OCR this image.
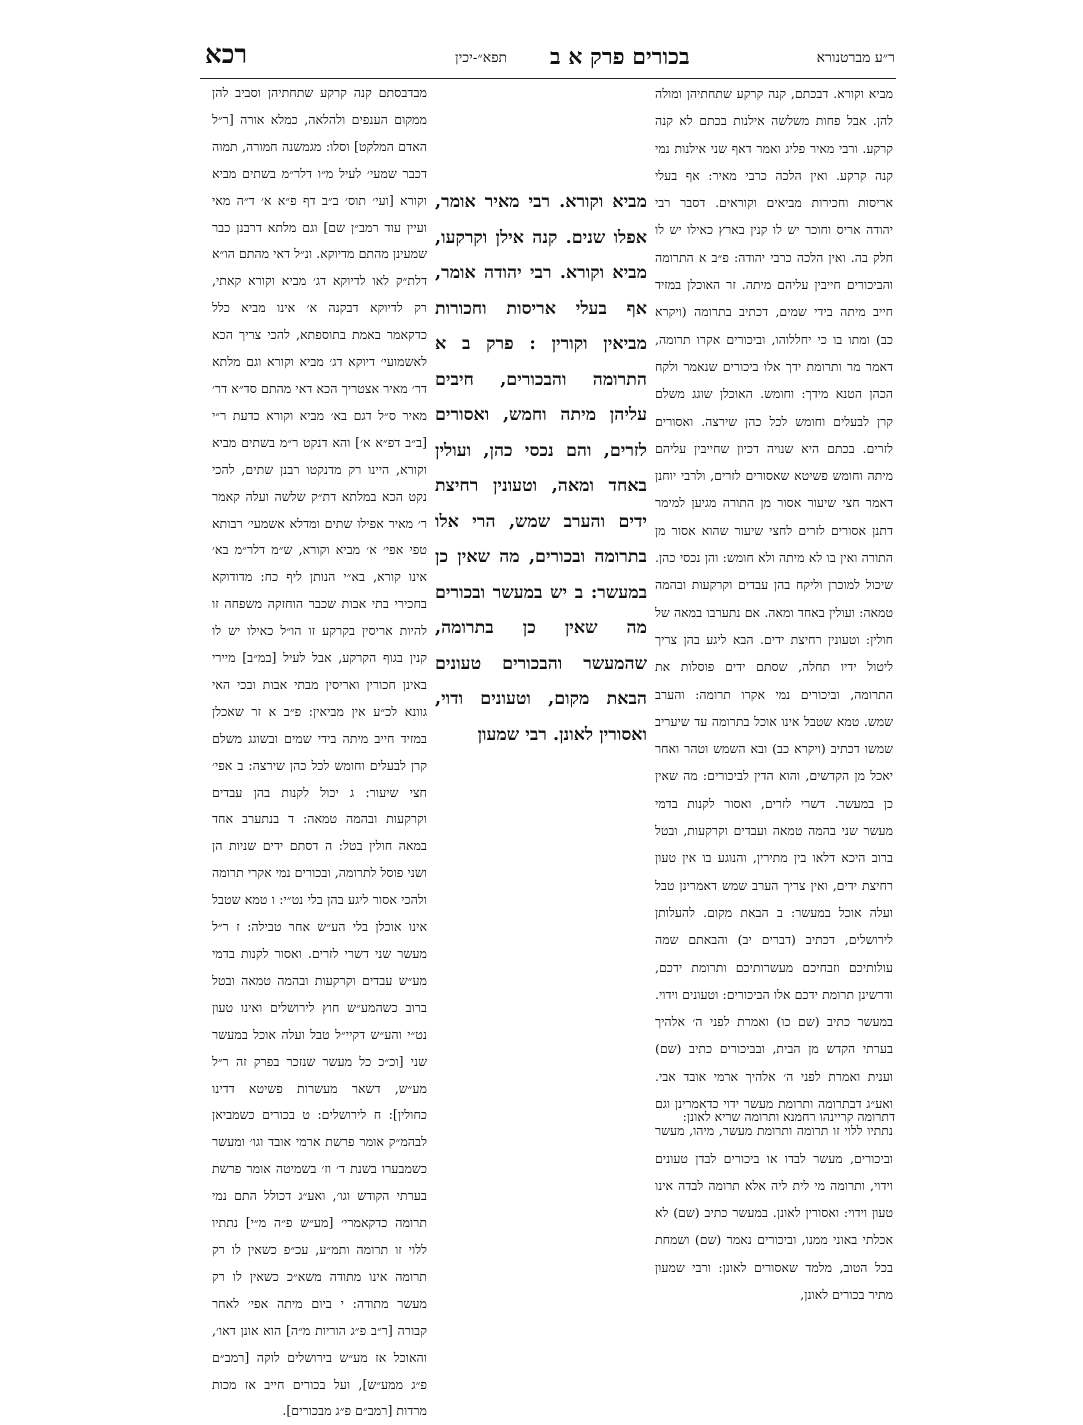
רכא	תפא״-יכין בכורים פרק א ב	ר״ע מברטנורא

מביא וקורא. דבכתם, קנה קרקע שתחתיהן ומולה להן. אבל פחות משלשה אילנות בכתם לא קנה קרקע. ורבי מאיר פליג ואמר דאף שני אילנות נמי קנה קרקע. ואין הלכה כרבי מאיר: אף בעלי אריסות וחכירות מביאים וקוראים. דסבר רבי יהודה אריס וחוכר יש לו קנין בארץ כאילו יש לו חלק בה. ואין הלכה כרבי יהודה: פ״ב א התרומה והביכורים חייבין עליהם מיתה. זר האוכלן במזיד חייב מיתה בידי שמים, דכתיב בתרומה (ויקרא כב) ומתו בו כי יחללוהו, וביכורים אקרו תרומה, דאמר מר ותרומת ידך אלו ביכורים שנאמר ולקח הכהן הטנא מידך: וחומש. האוכלן שוגג משלם קרן לבעלים וחומש לכל כהן שירצה. ואסורים לזרים. בכתם היא שנויה דכיון שחייבין עליהם מיתה וחומש פשיטא שאסורים לזרים, ולרבי יוחנן דאמר חצי שיעור אסור מן התורה מגיען למימר דתנן אסורים לזרים לחצי שיעור שהוא אסור מן התורה ואין בו לא מיתה ולא חומש: והן נכסי כהן. שיכול למוכרן וליקח בהן עבדים וקרקעות ובהמה טמאה: ועולין באחד ומאה. אם נתערבו במאה של חולין: וטעונין רחיצת ידים. הבא ליגע בהן צריך ליטול ידיו תחלה, שסתם ידים פוסלות את התרומה, וביכורים נמי אקרו תרומה: והערב שמש. טמא שטבל אינו אוכל בתרומה עד שיעריב שמשו דכתיב (ויקרא כב) ובא השמש וטהר ואחר יאכל מן הקדשים, והוא הדין לביכורים: מה שאין כן במעשר. דשרי לזרים, ואסור לקנות בדמי מעשר שני בהמה טמאה ועבדים וקרקעות, ובטל ברוב היכא דלאו בין מתירין, והנוגע בו אין טעון רחיצת ידים, ואין צריך הערב שמש דאמרינן טבל ועלה אוכל במעשר: ב הבאת מקום. להעלותן לירושלים, דכתיב (דברים יב) והבאתם שמה עולותיכם וזבחיכם מעשרותיכם ותרומת ידכם, ודרשינן תרומת ידכם אלו הביכורים: וטעונים וידוי. במעשר כתיב (שם כו) ואמרת לפני ה׳ אלהיך בערתי הקדש מן הבית, ובביכורים כתיב (שם) וענית ואמרת לפני ה׳ אלהיך ארמי אובד אבי. ואע״ג דבתרומה ותרומת מעשר ידוי כדאמרינן וגם נתתיו ללוי זו תרומה ותרומת מעשר, מיהו, מעשר וביכורים, מעשר לבדו או ביכורים לבדן טעונים וידוי, ותרומה מי לית ליה אלא תרומה לבדה אינו טעון וידוי: ואסורין לאונן. במעשר כתיב (שם) לא אכלתי באוני ממנו, וביכורים נאמר (שם) ושמחת בכל הטוב, מלמד שאסורים לאונן: ורבי שמעון מתיר בכורים לאונן,

מביא וקורא. רבי מאיר אומר, אפלו שנים. קנה אילן וקרקעו, מביא וקורא. רבי יהודה אומר, אף בעלי אריסות וחכורות מביאין וקורין : פרק ב א התרומה והבכורים, חיבים עליהן מיתה וחמש, ואסורים לזרים, והם נכסי כהן, ועולין באחד ומאה, וטעונין רחיצת ידים והערב שמש, הרי אלו בתרומה ובכורים, מה שאין כן במעשר: ב יש במעשר ובכורים מה שאין כן בתרומה, שהמעשר והבכורים טעונים הבאת מקום, וטעונים ודוי, ואסורין לאונן. רבי שמעון

מבדבסתם קנה קרקע שתחתיהן וסביב להן ממקום הענפים ולהלאה, כמלא אורה [ר״ל האדם המלקט] וסלו: מגמשנה חמורה, תמוה דכבר שמעי׳ לעיל מ״ו דלר״מ בשתים מביא וקורא [ועי׳ תוס׳ ב״ב דף פ״א א׳ ד״ה מאי ועיין עוד רמב״ן שם] וגם מלתא דרבנן כבר שמעינן מהתם מדיוקא. ונ״ל דאי מהתם הו״א דלת״ק לאו לדיוקא דג׳ מביא וקורא קאתי, רק לדיוקא דבקנה א׳ אינו מביא כלל כדקאמר באמת בתוספתא, להכי צריך הכא לאשמועי׳ דיוקא דג׳ מביא וקורא וגם מלתא דר׳ מאיר אצטריך הכא דאי מהתם סד״א דר׳ מאיר ס״ל דגם בא׳ מביא וקורא כדעת ר״י [ב״ב דפ״א א׳] והא דנקט ר״מ בשתים מביא וקורא, היינו רק מדנקטו רבנן שתים, להכי נקט הכא במלתא דת״ק שלשה ועלה קאמר ר׳ מאיר אפילו שתים ומדלא אשמעי׳ רבותא טפי אפי׳ א׳ מביא וקורא, ש״מ דלר״מ בא׳ אינו קורא, בא״י הנותן ליף כח: מדודוקא בחכירי בתי אבות שכבר הוחזקה משפחה זו להיות אריסין בקרקע זו הו״ל כאילו יש לו קנין בגוף הקרקע, אבל לעיל [במ״ב] מיירי באינן חכורין ואריסין מבתי אבות ובכי האי גוונא לכ״ע אין מביאין: פ״ב א זר שאכלן במזיד חייב מיתה בידי שמים ובשוגג משלם קרן לבעלים וחומש לכל כהן שירצה: ב אפי׳ חצי שיעור: ג יכול לקנות בהן עבדים וקרקעות ובהמה טמאה: ד בנתערב אחד במאה חולין בטל: ה דסתם ידים שניות הן ושני פוסל לתרומה, ובכורים נמי אקרי תרומה ולהכי אסור ליגע בהן בלי נט״י: ו טמא שטבל אינו אוכלן בלי הע״ש אחר טבילה: ז ר״ל מעשר שני דשרי לזרים. ואסור לקנות בדמי מע״ש עבדים וקרקעות ובהמה טמאה ובטל ברוב כשהמע״ש חוץ לירושלים ואינו טעון נט״י והע״ש דקיי״ל טבל ועלה אוכל במעשר שני [וכ״כ כל מעשר שנזכר בפרק זה ר״ל מע״ש, דשאר מעשרות פשיטא דדינו כחולין]: ח לירושלים: ט בכורים כשמביאן לבהמ״ק אומר פרשת ארמי אובד וגו׳ ומעשר כשמבערו בשנת ד׳ וז׳ בשמיטה אומר פרשת בערתי הקודש וגו׳, ואע״ג דכולל התם נמי תרומה כדקאמרי׳ [מע״ש פ״ה מ״י] נתתיו ללוי זו תרומה ותמ״ע, עכ״פ כשאין לו רק תרומה אינו מתודה משא״כ כשאין לו רק מעשר מתודה: י ביום מיתה אפי׳ לאחר קבורה [ר״ב פ״ג הוריות מ״ה] הוא אונן דאו׳, והאוכל אז מע״ש בירושלים לוקה [רמב״ם פ״ג ממע״ש], ועל בכורים חייב אז מכות מרדות [רמב״ם פ״ג מבכורים].

דתרומה קריינהו רחמנא ותרומה שריא לאונן:
